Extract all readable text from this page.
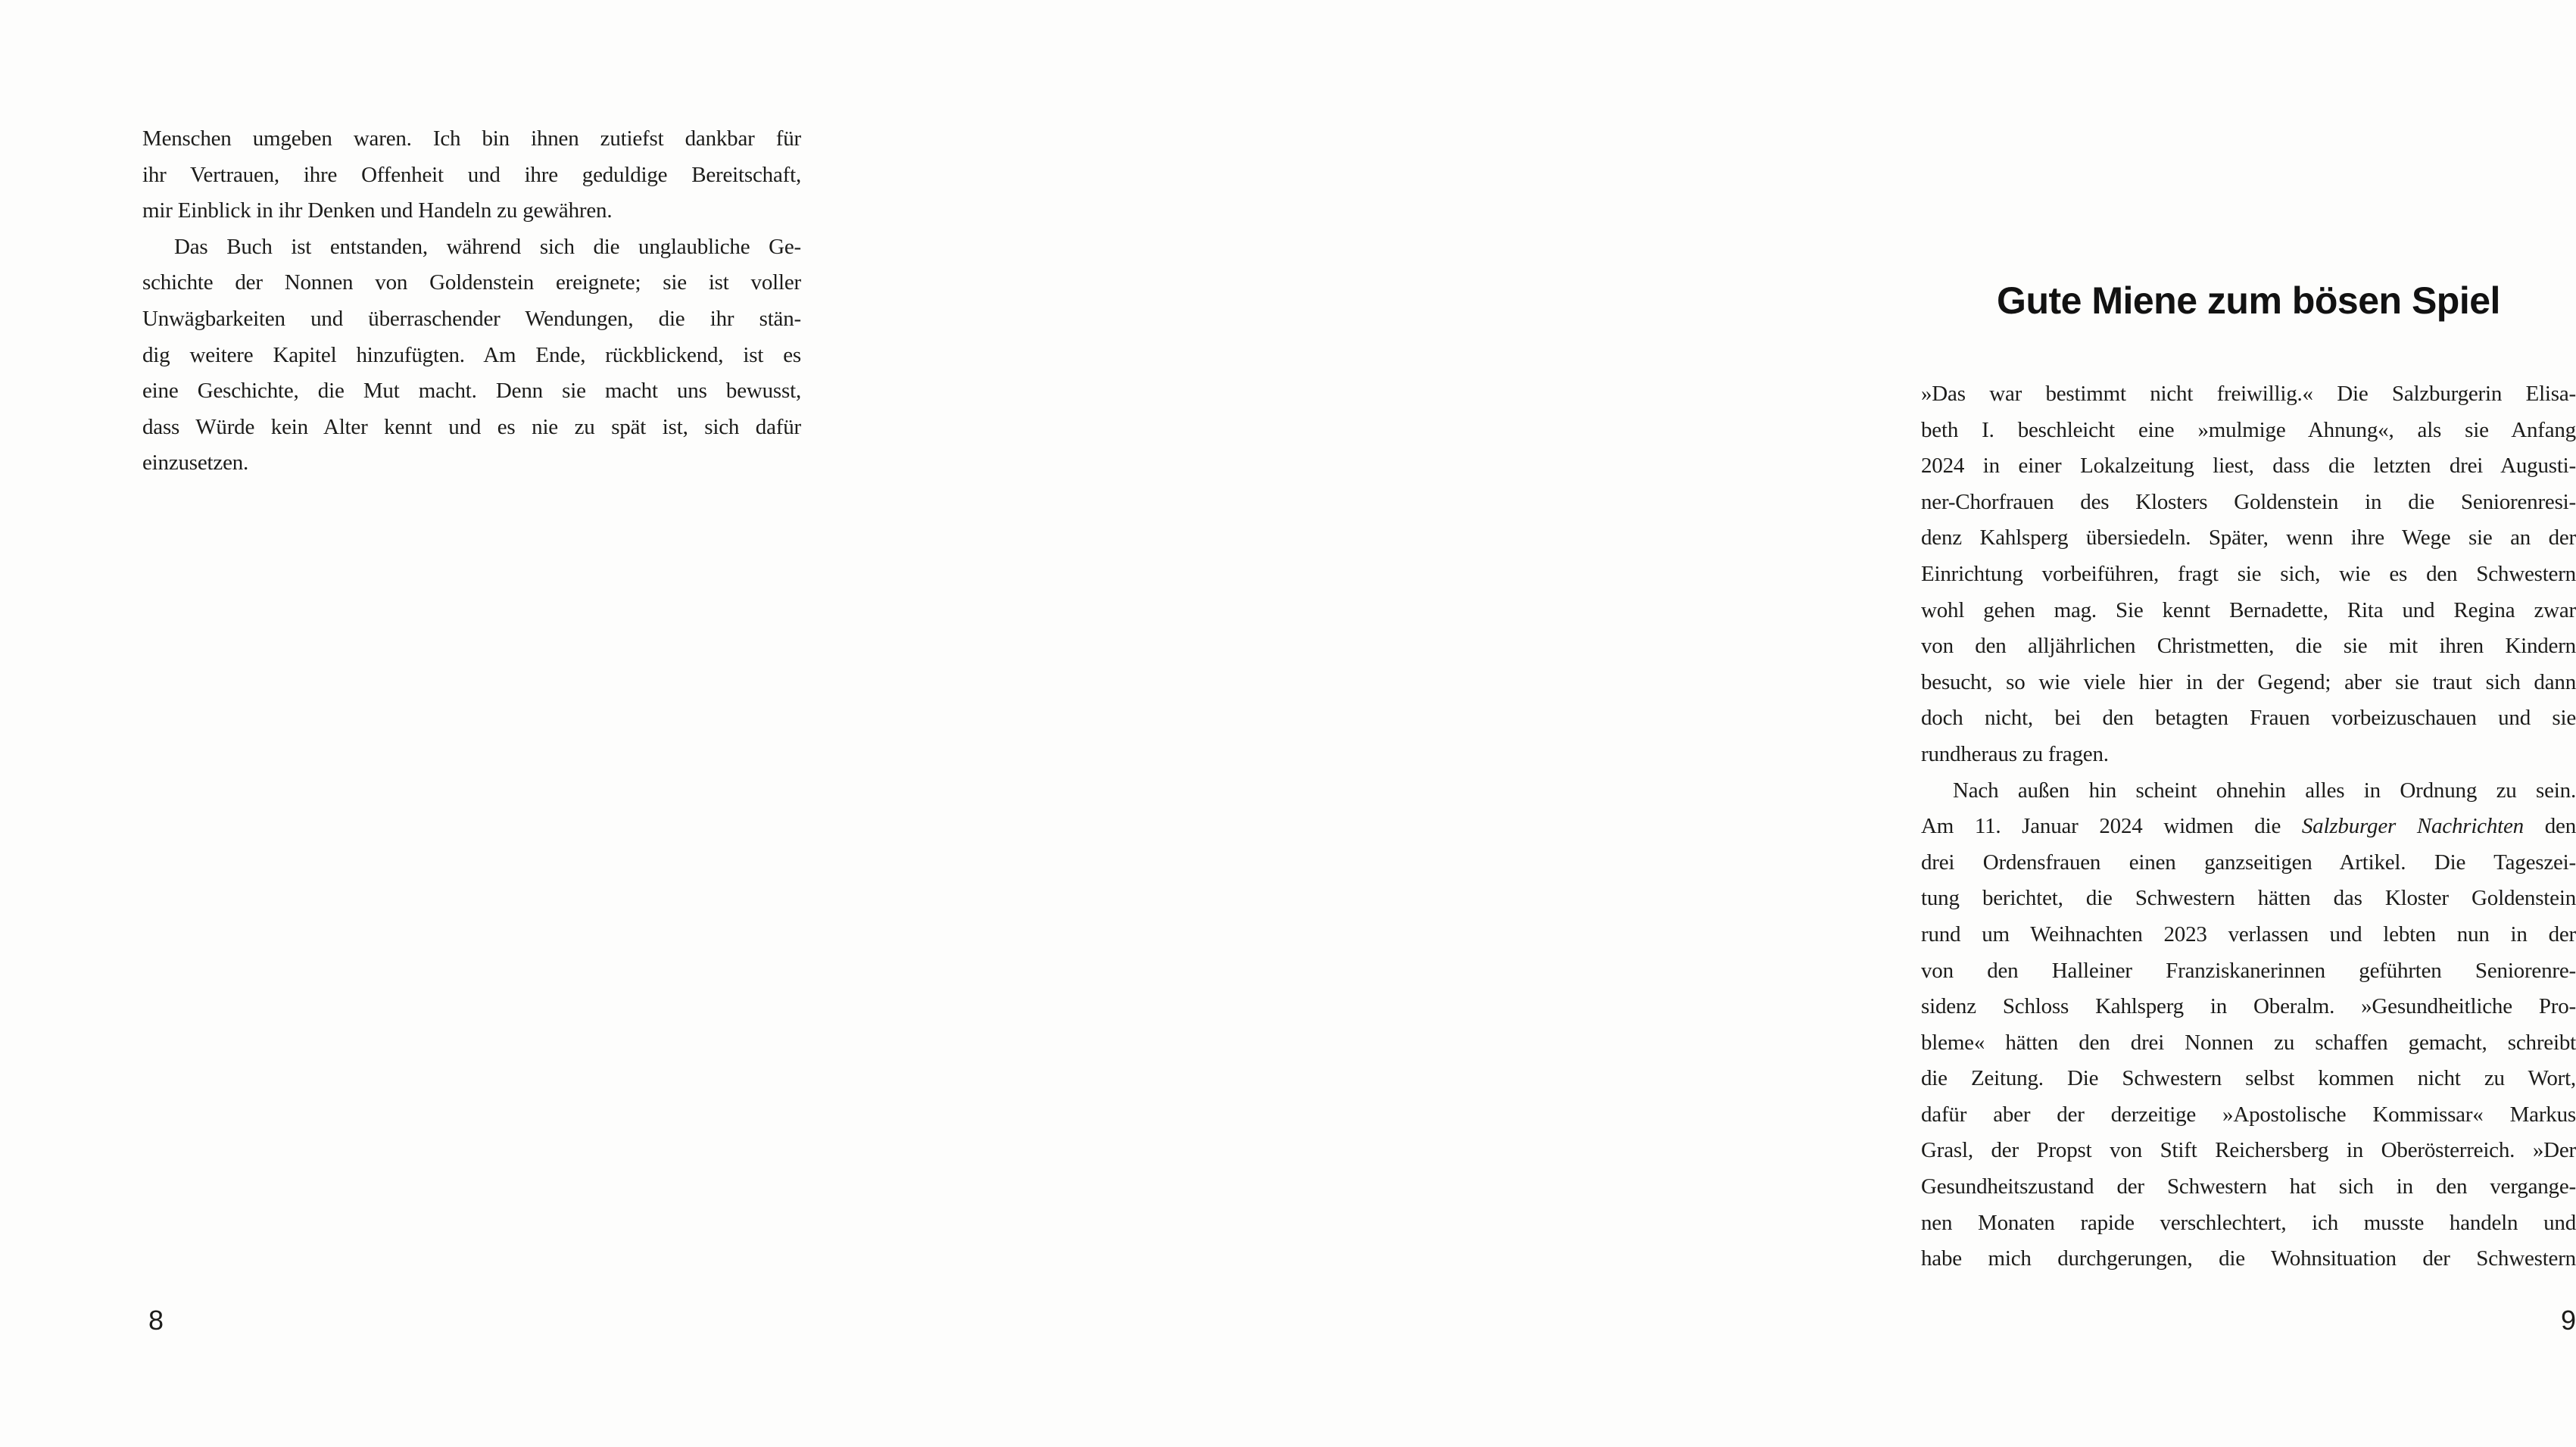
Menschen umgeben waren. Ich bin ihnen zutiefst dankbar für
ihr Vertrauen, ihre Offenheit und ihre geduldige Bereitschaft,
mir Einblick in ihr Denken und Handeln zu gewähren.
Das Buch ist entstanden, während sich die unglaubliche Ge-
schichte der Nonnen von Goldenstein ereignete; sie ist voller
Unwägbarkeiten und überraschender Wendungen, die ihr stän-
dig weitere Kapitel hinzufügten. Am Ende, rückblickend, ist es
eine Geschichte, die Mut macht. Denn sie macht uns bewusst,
dass Würde kein Alter kennt und es nie zu spät ist, sich dafür
einzusetzen.
8
Gute Miene zum bösen Spiel
»Das war bestimmt nicht freiwillig.« Die Salzburgerin Elisa-
beth I. beschleicht eine »mulmige Ahnung«, als sie Anfang
2024 in einer Lokalzeitung liest, dass die letzten drei Augusti-
ner-Chorfrauen des Klosters Goldenstein in die Seniorenresi-
denz Kahlsperg übersiedeln. Später, wenn ihre Wege sie an der
Einrichtung vorbeiführen, fragt sie sich, wie es den Schwestern
wohl gehen mag. Sie kennt Bernadette, Rita und Regina zwar
von den alljährlichen Christmetten, die sie mit ihren Kindern
besucht, so wie viele hier in der Gegend; aber sie traut sich dann
doch nicht, bei den betagten Frauen vorbeizuschauen und sie
rundheraus zu fragen.
Nach außen hin scheint ohnehin alles in Ordnung zu sein.
Am 11. Januar 2024 widmen die Salzburger Nachrichten den
drei Ordensfrauen einen ganzseitigen Artikel. Die Tageszei-
tung berichtet, die Schwestern hätten das Kloster Goldenstein
rund um Weihnachten 2023 verlassen und lebten nun in der
von den Halleiner Franziskanerinnen geführten Seniorenre-
sidenz Schloss Kahlsperg in Oberalm. »Gesundheitliche Pro-
bleme« hätten den drei Nonnen zu schaffen gemacht, schreibt
die Zeitung. Die Schwestern selbst kommen nicht zu Wort,
dafür aber der derzeitige »Apostolische Kommissar« Markus
Grasl, der Propst von Stift Reichersberg in Oberösterreich. »Der
Gesundheitszustand der Schwestern hat sich in den vergange-
nen Monaten rapide verschlechtert, ich musste handeln und
habe mich durchgerungen, die Wohnsituation der Schwestern
9
